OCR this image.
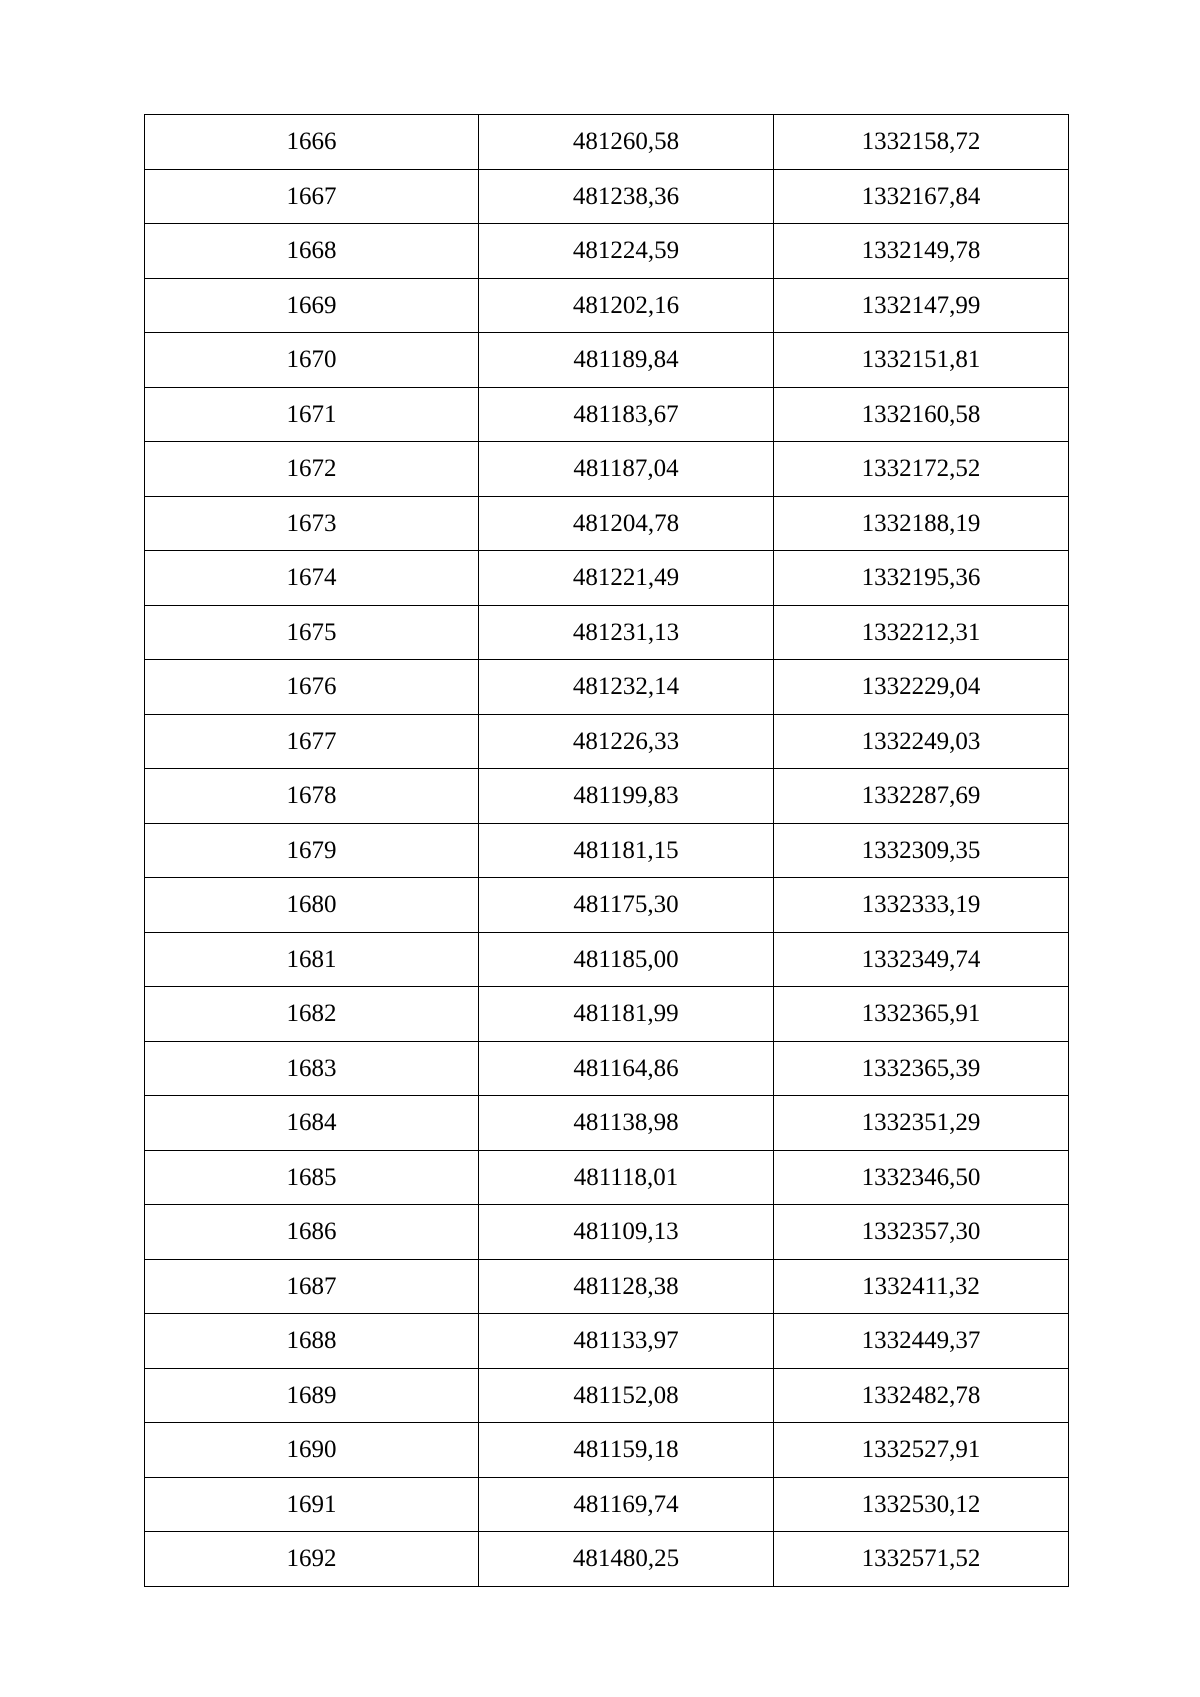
1666	481260,58	1332158,72
1667	481238,36	1332167,84
1668	481224,59	1332149,78
1669	481202,16	1332147,99
1670	481189,84	1332151,81
1671	481183,67	1332160,58
1672	481187,04	1332172,52
1673	481204,78	1332188,19
1674	481221,49	1332195,36
1675	481231,13	1332212,31
1676	481232,14	1332229,04
1677	481226,33	1332249,03
1678	481199,83	1332287,69
1679	481181,15	1332309,35
1680	481175,30	1332333,19
1681	481185,00	1332349,74
1682	481181,99	1332365,91
1683	481164,86	1332365,39
1684	481138,98	1332351,29
1685	481118,01	1332346,50
1686	481109,13	1332357,30
1687	481128,38	1332411,32
1688	481133,97	1332449,37
1689	481152,08	1332482,78
1690	481159,18	1332527,91
1691	481169,74	1332530,12
1692	481480,25	1332571,52
